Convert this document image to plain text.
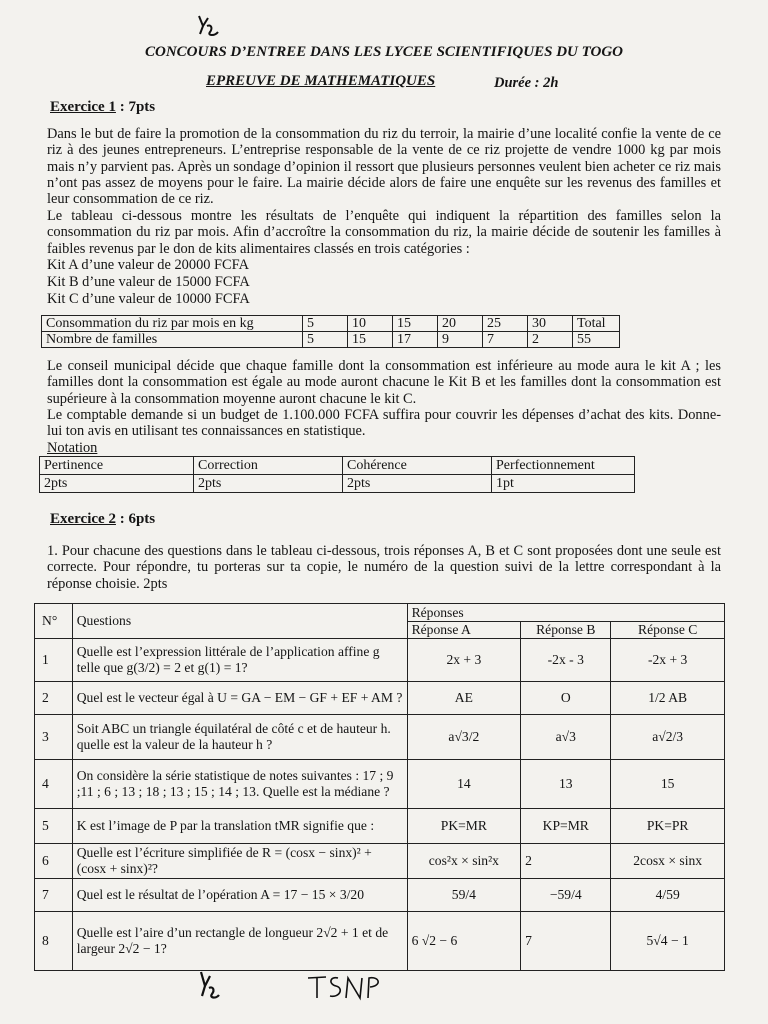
CONCOURS D’ENTREE DANS LES LYCEE SCIENTIFIQUES DU TOGO
EPREUVE DE MATHEMATIQUES	Durée : 2h
Exercice 1 : 7pts

Dans le but de faire la promotion de la consommation du riz du terroir, la mairie d’une localité confie la vente de ce riz à des jeunes entrepreneurs. L’entreprise responsable de la vente de ce riz projette de vendre 1000 kg par mois mais n’y parvient pas. Après un sondage d’opinion il ressort que plusieurs personnes veulent bien acheter ce riz mais n’ont pas assez de moyens pour le faire. La mairie décide alors de faire une enquête sur les revenus des familles et leur consommation de ce riz.

Le tableau ci-dessous montre les résultats de l’enquête qui indiquent la répartition des familles selon la consommation du riz par mois. Afin d’accroître la consommation du riz, la mairie décide de soutenir les familles à faibles revenus par le don de kits alimentaires classés en trois catégories :

Kit A d’une valeur de 20000 FCFA
Kit B d’une valeur de 15000 FCFA
Kit C d’une valeur de 10000 FCFA
Consommation du riz par mois en kg	5	10	15	20	25	30	Total
Nombre de familles	5	15	17	9	7	2	55

Le conseil municipal décide que chaque famille dont la consommation est inférieure au mode aura le kit A ; les familles dont la consommation est égale au mode auront chacune le Kit B et les familles dont la consommation est supérieure à la consommation moyenne auront chacune le kit C.

Le comptable demande si un budget de 1.100.000 FCFA suffira pour couvrir les dépenses d’achat des kits. Donne-lui ton avis en utilisant tes connaissances en statistique.

Notation
Pertinence	Correction	Cohérence	Perfectionnement
2pts	2pts	2pts	1pt
Exercice 2 : 6pts

1. Pour chacune des questions dans le tableau ci-dessous, trois réponses A, B et C sont proposées dont une seule est correcte. Pour répondre, tu porteras sur ta copie, le numéro de la question suivi de la lettre correspondant à la réponse choisie. 2pts

N°	Questions	Réponses		
		Réponse A	Réponse B	Réponse C
1	Quelle est l’expression littérale de l’application affine g telle que g(3/2) = 2 et g(1) = 1?	2x + 3	-2x - 3	-2x + 3
2	Quel est le vecteur égal à U = GA − EM − GF + EF + AM ?	AE	O	1/2 AB
3	Soit ABC un triangle équilatéral de côté c et de hauteur h. quelle est la valeur de la hauteur h ?	a√3/2	a√3	a√2/3
4	On considère la série statistique de notes suivantes : 17 ; 9 ;11 ; 6 ; 13 ; 18 ; 13 ; 15 ; 14 ; 13. Quelle est la médiane ?	14	13	15
5	K est l’image de P par la translation tMR signifie que :	PK=MR	KP=MR	PK=PR
6	Quelle est l’écriture simplifiée de R = (cosx − sinx)² + (cosx + sinx)²?	cos²x × sin²x	2	2cosx × sinx
7	Quel est le résultat de l’opération A = 17 − 15 × 3/20	59/4	−59/4	4/59
8	Quelle est l’aire d’un rectangle de longueur 2√2 + 1 et de largeur 2√2 − 1?	6 √2 − 6	7	5√4 − 1
